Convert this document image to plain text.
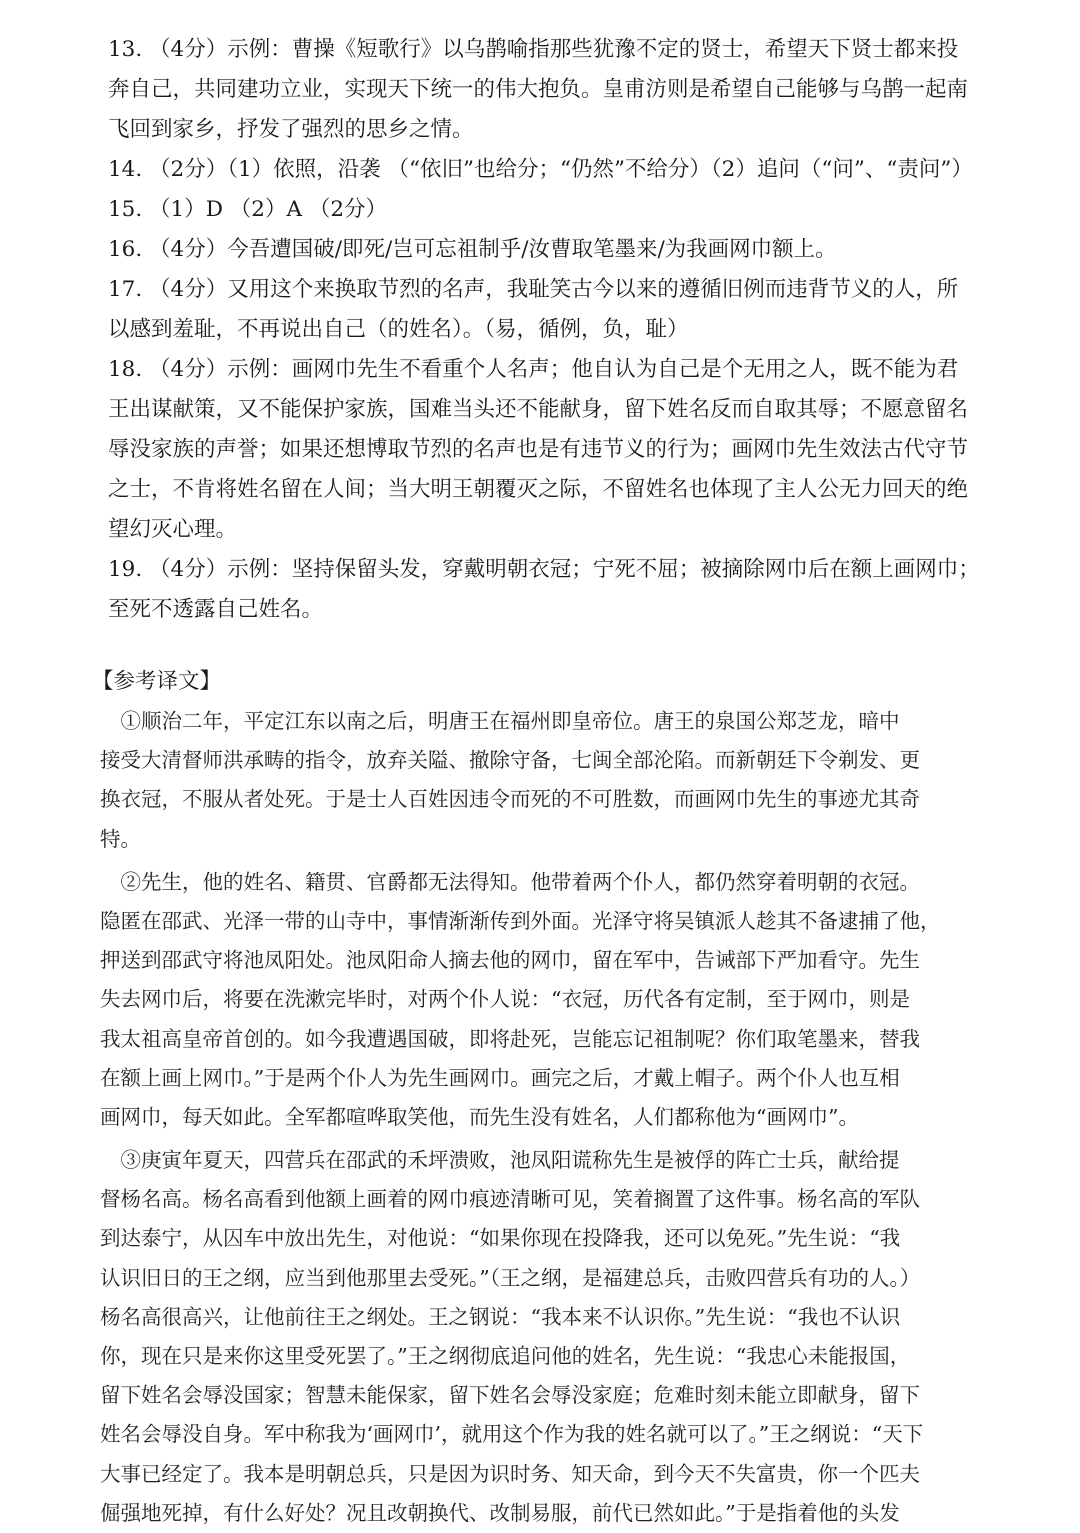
13. （4分）示例：曹操《短歌行》以乌鹊喻指那些犹豫不定的贤士，希望天下贤士都来投
奔自己，共同建功立业，实现天下统一的伟大抱负。皇甫汸则是希望自己能够与乌鹊一起南
飞回到家乡，抒发了强烈的思乡之情。
14. （2分）（1）依照，沿袭 （“依旧”也给分；“仍然”不给分）（2）追问（“问”、“责问”）
15. （1）D （2）A （2分）
16. （4分）今吾遭国破/即死/岂可忘祖制乎/汝曹取笔墨来/为我画网巾额上。
17. （4分）又用这个来换取节烈的名声，我耻笑古今以来的遵循旧例而违背节义的人，所
以感到羞耻，不再说出自己（的姓名）。（易，循例，负，耻）
18. （4分）示例：画网巾先生不看重个人名声；他自认为自己是个无用之人，既不能为君
王出谋献策，又不能保护家族，国难当头还不能献身，留下姓名反而自取其辱；不愿意留名
辱没家族的声誉；如果还想博取节烈的名声也是有违节义的行为；画网巾先生效法古代守节
之士，不肯将姓名留在人间；当大明王朝覆灭之际，不留姓名也体现了主人公无力回天的绝
望幻灭心理。
19. （4分）示例：坚持保留头发，穿戴明朝衣冠；宁死不屈；被摘除网巾后在额上画网巾；
至死不透露自己姓名。
【参考译文】
　①顺治二年，平定江东以南之后，明唐王在福州即皇帝位。唐王的泉国公郑芝龙，暗中
接受大清督师洪承畴的指令，放弃关隘、撤除守备，七闽全部沦陷。而新朝廷下令剃发、更
换衣冠，不服从者处死。于是士人百姓因违令而死的不可胜数，而画网巾先生的事迹尤其奇
特。
　②先生，他的姓名、籍贯、官爵都无法得知。他带着两个仆人，都仍然穿着明朝的衣冠。
隐匿在邵武、光泽一带的山寺中，事情渐渐传到外面。光泽守将吴镇派人趁其不备逮捕了他，
押送到邵武守将池凤阳处。池凤阳命人摘去他的网巾，留在军中，告诫部下严加看守。先生
失去网巾后，将要在洗漱完毕时，对两个仆人说：“衣冠，历代各有定制，至于网巾，则是
我太祖高皇帝首创的。如今我遭遇国破，即将赴死，岂能忘记祖制呢？你们取笔墨来，替我
在额上画上网巾。”于是两个仆人为先生画网巾。画完之后，才戴上帽子。两个仆人也互相
画网巾，每天如此。全军都喧哗取笑他，而先生没有姓名，人们都称他为“画网巾”。
　③庚寅年夏天，四营兵在邵武的禾坪溃败，池凤阳谎称先生是被俘的阵亡士兵，献给提
督杨名高。杨名高看到他额上画着的网巾痕迹清晰可见，笑着搁置了这件事。杨名高的军队
到达泰宁，从囚车中放出先生，对他说：“如果你现在投降我，还可以免死。”先生说：“我
认识旧日的王之纲，应当到他那里去受死。”（王之纲，是福建总兵，击败四营兵有功的人。）
杨名高很高兴，让他前往王之纲处。王之钢说：“我本来不认识你。”先生说：“我也不认识
你，现在只是来你这里受死罢了。”王之纲彻底追问他的姓名，先生说：“我忠心未能报国，
留下姓名会辱没国家；智慧未能保家，留下姓名会辱没家庭；危难时刻未能立即献身，留下
姓名会辱没自身。军中称我为‘画网巾’，就用这个作为我的姓名就可以了。”王之纲说：“天下
大事已经定了。我本是明朝总兵，只是因为识时务、知天命，到今天不失富贵，你一个匹夫
倔强地死掉，有什么好处？况且改朝换代、改制易服，前代已然如此。”于是指着他的头发
